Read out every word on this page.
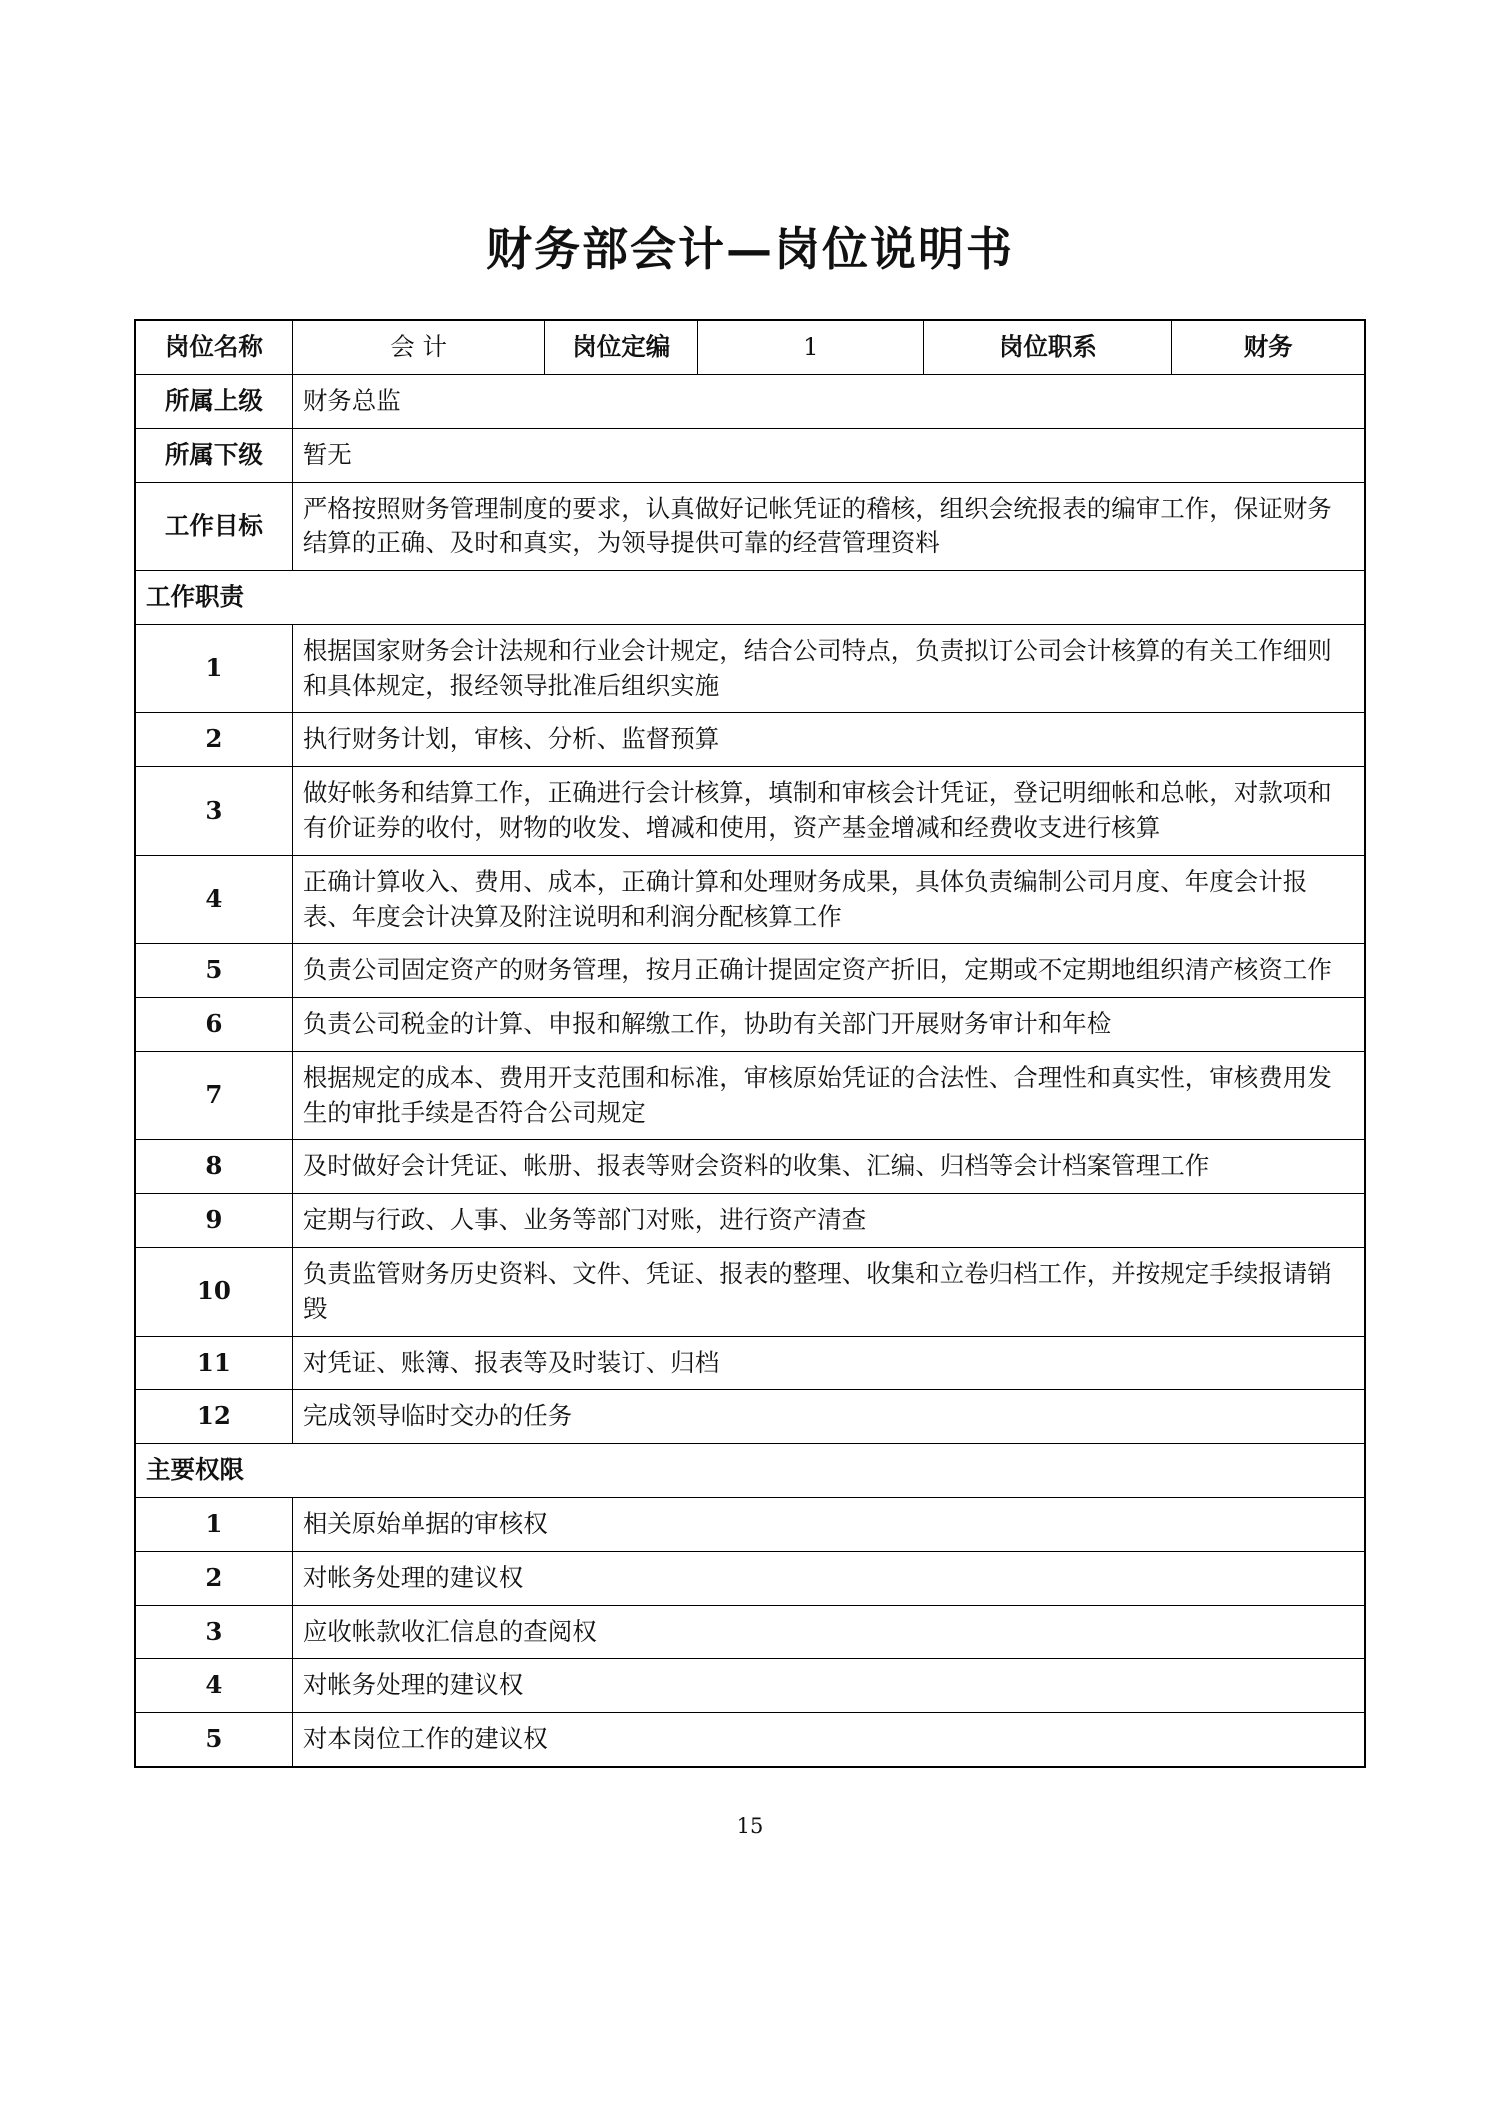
财务部会计—岗位说明书
岗位名称	会 计	岗位定编	1	岗位职系	财务
所属上级	财务总监				
所属下级	暂无				
工作目标	严格按照财务管理制度的要求，认真做好记帐凭证的稽核，组织会统报表的编审工作，保证财务结算的正确、及时和真实，为领导提供可靠的经营管理资料				
工作职责					
1	根据国家财务会计法规和行业会计规定，结合公司特点，负责拟订公司会计核算的有关工作细则和具体规定，报经领导批准后组织实施				
2	执行财务计划，审核、分析、监督预算				
3	做好帐务和结算工作，正确进行会计核算，填制和审核会计凭证，登记明细帐和总帐，对款项和有价证券的收付，财物的收发、增减和使用，资产基金增减和经费收支进行核算				
4	正确计算收入、费用、成本，正确计算和处理财务成果，具体负责编制公司月度、年度会计报表、年度会计决算及附注说明和利润分配核算工作				
5	负责公司固定资产的财务管理，按月正确计提固定资产折旧，定期或不定期地组织清产核资工作				
6	负责公司税金的计算、申报和解缴工作，协助有关部门开展财务审计和年检				
7	根据规定的成本、费用开支范围和标准，审核原始凭证的合法性、合理性和真实性，审核费用发生的审批手续是否符合公司规定				
8	及时做好会计凭证、帐册、报表等财会资料的收集、汇编、归档等会计档案管理工作				
9	定期与行政、人事、业务等部门对账，进行资产清查				
10	负责监管财务历史资料、文件、凭证、报表的整理、收集和立卷归档工作，并按规定手续报请销毁				
11	对凭证、账簿、报表等及时装订、归档				
12	完成领导临时交办的任务				
主要权限					
1	相关原始单据的审核权				
2	对帐务处理的建议权				
3	应收帐款收汇信息的查阅权				
4	对帐务处理的建议权				
5	对本岗位工作的建议权				
15
